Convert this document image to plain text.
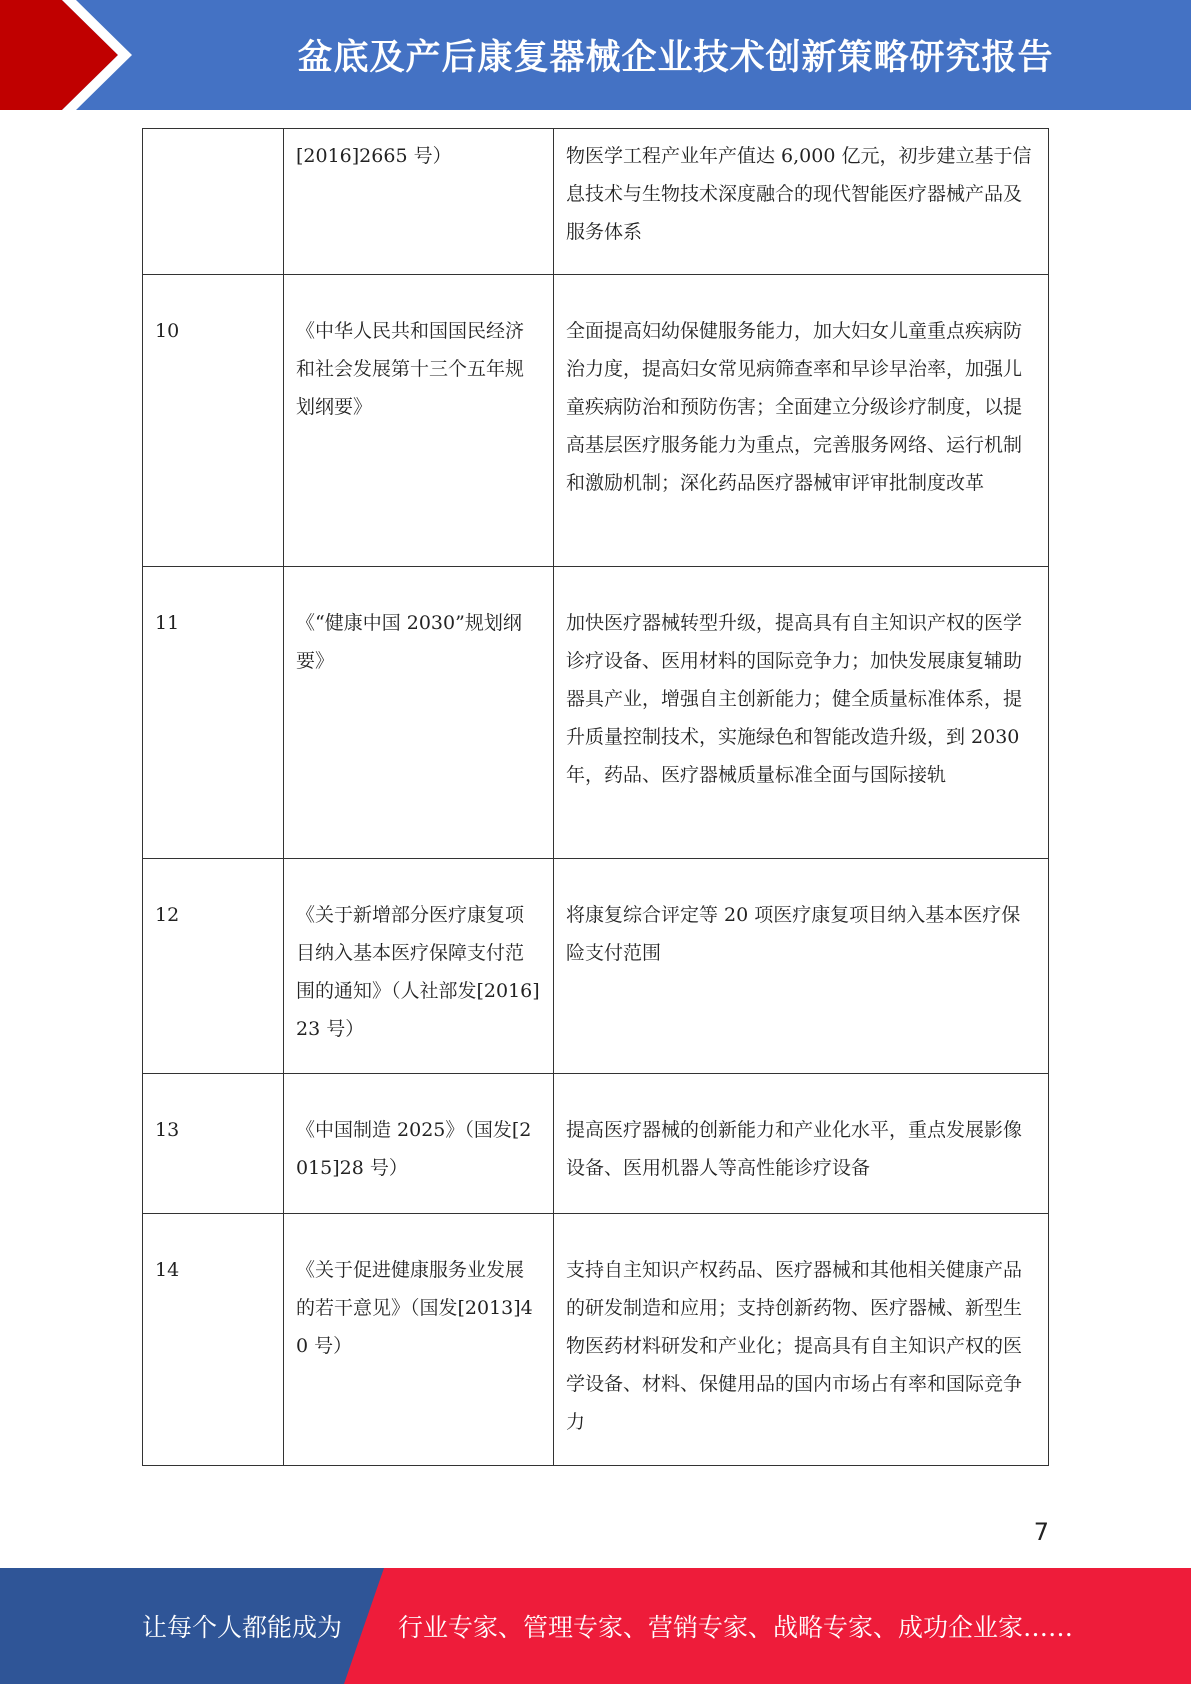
盆底及产后康复器械企业技术创新策略研究报告
	[2016]2665 号）	物医学工程产业年产值达 6,000 亿元，初步建立基于信息技术与生物技术深度融合的现代智能医疗器械产品及服务体系
10	《中华人民共和国国民经济和社会发展第十三个五年规划纲要》	全面提高妇幼保健服务能力，加大妇女儿童重点疾病防治力度，提高妇女常见病筛查率和早诊早治率，加强儿童疾病防治和预防伤害；全面建立分级诊疗制度，以提高基层医疗服务能力为重点，完善服务网络、运行机制和激励机制；深化药品医疗器械审评审批制度改革
11	《“健康中国 2030”规划纲要》	加快医疗器械转型升级，提高具有自主知识产权的医学诊疗设备、医用材料的国际竞争力；加快发展康复辅助器具产业，增强自主创新能力；健全质量标准体系，提升质量控制技术，实施绿色和智能改造升级，到 2030 年，药品、医疗器械质量标准全面与国际接轨
12	《关于新增部分医疗康复项目纳入基本医疗保障支付范围的通知》（人社部发[2016]23 号）	将康复综合评定等 20 项医疗康复项目纳入基本医疗保险支付范围
13	《中国制造 2025》（国发[2015]28 号）	提高医疗器械的创新能力和产业化水平，重点发展影像设备、医用机器人等高性能诊疗设备
14	《关于促进健康服务业发展的若干意见》（国发[2013]40 号）	支持自主知识产权药品、医疗器械和其他相关健康产品的研发制造和应用；支持创新药物、医疗器械、新型生物医药材料研发和产业化；提高具有自主知识产权的医学设备、材料、保健用品的国内市场占有率和国际竞争力
7
让每个人都能成为 行业专家、管理专家、营销专家、战略专家、成功企业家……
